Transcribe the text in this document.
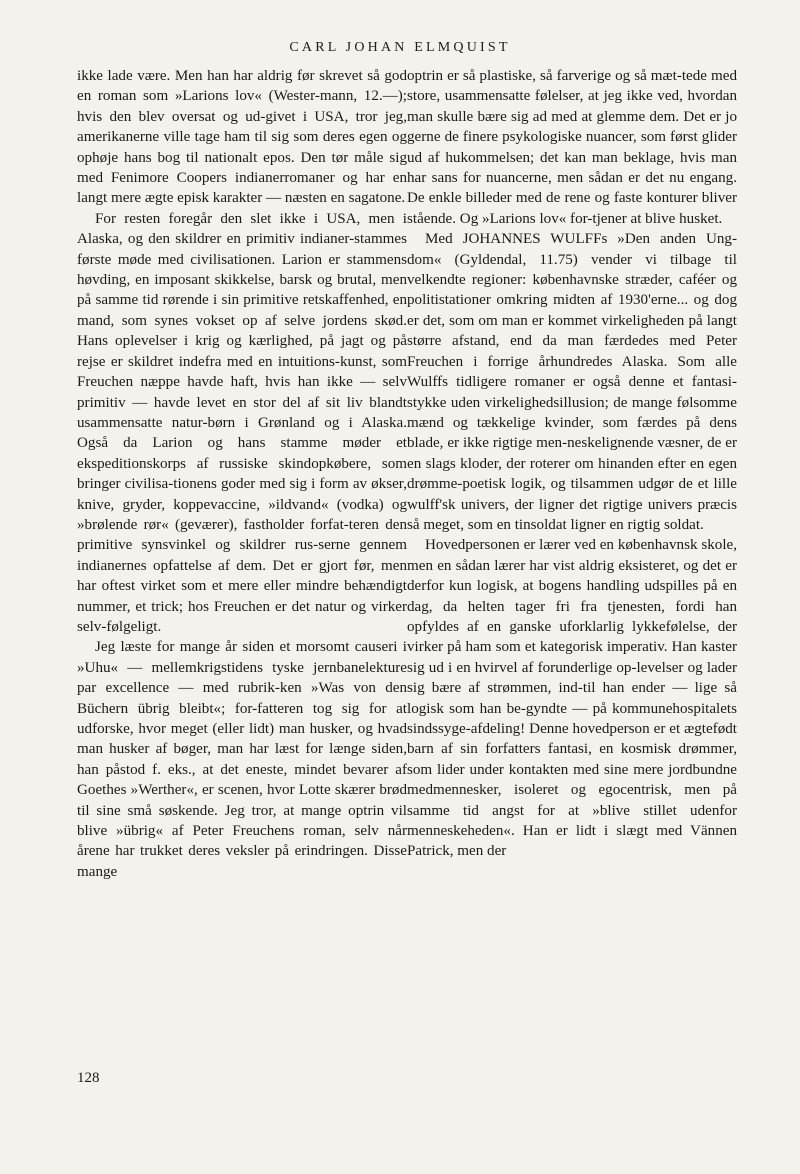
CARL JOHAN ELMQUIST

ikke lade være. Men han har aldrig før skrevet så god en roman som »Larions lov« (Wester-mann, 12.—); hvis den blev oversat og ud-givet i USA, tror jeg, amerikanerne ville tage ham til sig som deres egen og ophøje hans bog til nationalt epos. Den tør måle sig med Fenimore Coopers indianerromaner og har en langt mere ægte episk karakter — næsten en sagatone.

For resten foregår den slet ikke i USA, men i Alaska, og den skildrer en primitiv indianer-stammes første møde med civilisationen. Larion er stammens høvding, en imposant skikkelse, barsk og brutal, men på samme tid rørende i sin primitive retskaffenhed, en mand, som synes vokset op af selve jordens skød. Hans oplevelser i krig og kærlighed, på jagt og på rejse er skildret indefra med en intuitions-kunst, som Freuchen næppe havde haft, hvis han ikke — selv primitiv — havde levet en stor del af sit liv blandt usammensatte natur-børn i Grønland og i Alaska. Også da Larion og hans stamme møder et ekspeditionskorps af russiske skindopkøbere, som bringer civilisa-tionens goder med sig i form av økser, knive, gryder, koppevaccine, »ildvand« (vodka) og »brølende rør« (geværer), fastholder forfat-teren den primitive synsvinkel og skildrer rus-serne gennem indianernes opfattelse af dem. Det er gjort før, men har oftest virket som et mere eller mindre behændigt nummer, et trick; hos Freuchen er det natur og virker selv-følgeligt.

Jeg læste for mange år siden et morsomt causeri i »Uhu« — mellemkrigstidens tyske jernbanelekture par excellence — med rubrik-ken »Was von den Büchern übrig bleibt«; for-fatteren tog sig for at udforske, hvor meget (eller lidt) man husker, og hvad man husker af bøger, man har læst for længe siden, han påstod f. eks., at det eneste, mindet bevarer af Goethes »Werther«, er scenen, hvor Lotte skærer brød til sine små søskende. Jeg tror, at mange optrin vil blive »übrig« af Peter Freuchens roman, selv når årene har trukket deres veksler på erindringen. Disse mange

optrin er så plastiske, så farverige og så mæt-tede med store, usammensatte følelser, at jeg ikke ved, hvordan man skulle bære sig ad med at glemme dem. Det er jo gerne de finere psykologiske nuancer, som først glider ud af hukommelsen; det kan man beklage, hvis man har sans for nuancerne, men sådan er det nu engang. De enkle billeder med de rene og faste konturer bliver stående. Og »Larions lov« for-tjener at blive husket.

Med JOHANNES WULFFs »Den anden Ung-dom« (Gyldendal, 11.75) vender vi tilbage til velkendte regioner: københavnske stræder, caféer og politistationer omkring midten af 1930'erne... og dog er det, som om man er kommet virkeligheden på langt større afstand, end da man færdedes med Peter Freuchen i forrige århundredes Alaska. Som alle Wulffs tidligere romaner er også denne et fantasi-stykke uden virkelighedsillusion; de mange følsomme mænd og tækkelige kvinder, som færdes på dens blade, er ikke rigtige men-neskelignende væsner, de er en slags kloder, der roterer om hinanden efter en egen drømme-poetisk logik, og tilsammen udgør de et lille wulff'sk univers, der ligner det rigtige univers præcis så meget, som en tinsoldat ligner en rigtig soldat.

Hovedpersonen er lærer ved en københavnsk skole, men en sådan lærer har vist aldrig eksisteret, og det er derfor kun logisk, at bogens handling udspilles på en dag, da helten tager fri fra tjenesten, fordi han opfyldes af en ganske uforklarlig lykkefølelse, der virker på ham som et kategorisk imperativ. Han kaster sig ud i en hvirvel af forunderlige op-levelser og lader sig bære af strømmen, ind-til han ender — lige så logisk som han be-gyndte — på kommunehospitalets sindssyge-afdeling! Denne hovedperson er et ægtefødt barn af sin forfatters fantasi, en kosmisk drømmer, som lider under kontakten med sine mere jordbundne medmennesker, isoleret og egocentrisk, men på samme tid angst for at »blive stillet udenfor menneskeheden«. Han er lidt i slægt med Vännen Patrick, men der

128
